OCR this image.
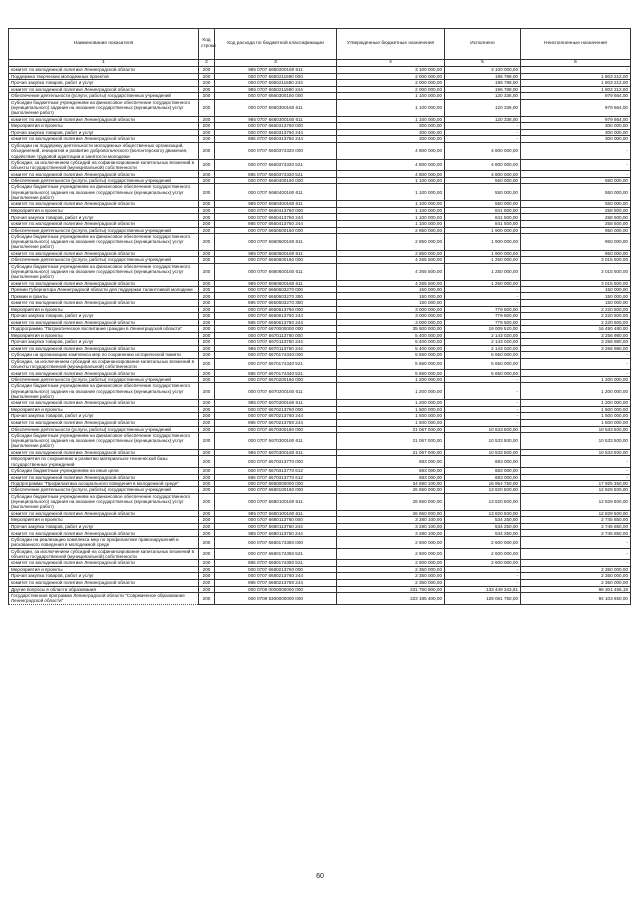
Наименование показателя	Код строки	Код расхода по бюджетной классификации	Утвержденные бюджетные назначения	Исполнено	Неисполненные назначения
1	2	3	4	5	6
комитет по молодежной политике Ленинградской области	200	985 0707 6650200160 611	3 100 000,00	3 100 000,00	-
Поддержка творческих молодежных проектов	200	000 0707 6650211690 000	2 000 000,00	196 788,00	1 803 212,00
Прочая закупка товаров, работ и услуг	200	000 0707 6650211690 244	2 000 000,00	196 788,00	1 803 212,00
комитет по молодежной политике Ленинградской области	200	985 0707 6650211690 244	2 000 000,00	196 788,00	1 803 212,00
Обеспечение деятельности (услуги, работы) государственных учреждений	200	000 0707 6660300160 000	1 100 000,00	120 336,00	979 664,00
Субсидии бюджетным учреждениям на финансовое обеспечение государственного (муниципального) задания на оказание государственных (муниципальных) услуг (выполнение работ)	200	000 0707 6660300160 611	1 100 000,00	120 336,00	979 664,00
комитет по молодежной политике Ленинградской области	200	985 0707 6660300160 611	1 100 000,00	120 336,00	979 664,00
Мероприятия и проекты	200	000 0707 6660313760 000	300 000,00	-	300 000,00
Прочая закупка товаров, работ и услуг	200	000 0707 6660313760 244	300 000,00	-	300 000,00
комитет по молодежной политике Ленинградской области	200	985 0707 6660313760 244	300 000,00	-	300 000,00
Субсидии на поддержку деятельности молодежных общественных организаций, объединений, инициатив и развитие добровольческого (волонтерского) движения, содействие трудовой адаптации и занятости молодежи	200	000 0707 6660374320 000	4 800 000,00	4 800 000,00	-
Субсидии, за исключением субсидий на софинансирование капитальных вложений в объекты государственной (муниципальной) собственности	200	000 0707 6660374320 521	4 800 000,00	4 800 000,00	-
комитет по молодежной политике Ленинградской области	200	985 0707 6660374320 521	4 800 000,00	4 800 000,00	-
Обеспечение деятельности (услуги, работы) государственных учреждений	200	000 0707 6660400160 000	1 100 000,00	550 000,00	550 000,00
Субсидии бюджетным учреждениям на финансовое обеспечение государственного (муниципального) задания на оказание государственных (муниципальных) услуг (выполнение работ)	200	000 0707 6660400160 611	1 100 000,00	550 000,00	550 000,00
комитет по молодежной политике Ленинградской области	200	985 0707 6660400160 611	1 100 000,00	550 000,00	550 000,00
Мероприятия и проекты	200	000 0707 6660413760 000	1 100 000,00	841 500,00	258 500,00
Прочая закупка товаров, работ и услуг	200	000 0707 6660413760 244	1 100 000,00	841 500,00	258 500,00
комитет по молодежной политике Ленинградской области	200	985 0707 6660413760 244	1 100 000,00	841 500,00	258 500,00
Обеспечение деятельности (услуги, работы) государственных учреждений	200	000 0707 6660500160 000	2 850 000,00	1 900 000,00	950 000,00
Субсидии бюджетным учреждениям на финансовое обеспечение государственного (муниципального) задания на оказание государственных (муниципальных) услуг (выполнение работ)	200	000 0707 6660500160 611	2 850 000,00	1 900 000,00	950 000,00
комитет по молодежной политике Ленинградской области	200	985 0707 6660500160 611	2 850 000,00	1 900 000,00	950 000,00
Обеспечение деятельности (услуги, работы) государственных учреждений	200	000 0707 6660600160 000	4 265 500,00	1 250 000,00	3 015 500,00
Субсидии бюджетным учреждениям на финансовое обеспечение государственного (муниципального) задания на оказание государственных (муниципальных) услуг (выполнение работ)	200	000 0707 6660600160 611	4 265 500,00	1 250 000,00	3 015 500,00
комитет по молодежной политике Ленинградской области	200	985 0707 6660600160 611	4 265 500,00	1 250 000,00	3 015 500,00
Премии Губернатора Ленинградской области для поддержки талантливой молодежи	200	000 0707 6660603270 000	150 000,00	-	150 000,00
Премии и гранты	200	000 0707 6660603270 350	150 000,00	-	150 000,00
комитет по молодежной политике Ленинградской области	200	985 0707 6660603270 350	150 000,00	-	150 000,00
Мероприятия и проекты	200	000 0707 6660613760 000	3 000 000,00	779 500,00	2 220 500,00
Прочая закупка товаров, работ и услуг	200	000 0707 6660613760 244	3 000 000,00	779 500,00	2 220 500,00
комитет по молодежной политике Ленинградской области	200	985 0707 6660613760 244	3 000 000,00	779 500,00	2 220 500,00
Подпрограмма "Патриотическое воспитание граждан в Ленинградской области"	200	000 0707 6670000000 000	35 500 000,00	19 009 520,00	16 490 480,00
Мероприятия и проекты	200	000 0707 6670113760 000	5 400 000,00	2 143 020,00	3 256 980,00
Прочая закупка товаров, работ и услуг	200	000 0707 6670113760 244	5 400 000,00	2 143 020,00	3 256 980,00
комитет по молодежной политике Ленинградской области	200	985 0707 6670113760 244	5 400 000,00	2 143 020,00	3 256 980,00
Субсидии на организацию комплекса мер по сохранению исторической памяти	200	000 0707 6670174340 000	5 650 000,00	5 650 000,00	-
Субсидии, за исключением субсидий на софинансирование капитальных вложений в объекты государственной (муниципальной) собственности	200	000 0707 6670174340 521	5 650 000,00	5 650 000,00	-
комитет по молодежной политике Ленинградской области	200	985 0707 6670174340 521	5 650 000,00	5 650 000,00	-
Обеспечение деятельности (услуги, работы) государственных учреждений	200	000 0707 6670200160 000	1 200 000,00	-	1 200 000,00
Субсидии бюджетным учреждениям на финансовое обеспечение государственного (муниципального) задания на оказание государственных (муниципальных) услуг (выполнение работ)	200	000 0707 6670200160 611	1 200 000,00	-	1 200 000,00
комитет по молодежной политике Ленинградской области	200	985 0707 6670200160 611	1 200 000,00	-	1 200 000,00
Мероприятия и проекты	200	000 0707 6670213760 000	1 500 000,00	-	1 500 000,00
Прочая закупка товаров, работ и услуг	200	000 0707 6670213760 244	1 500 000,00	-	1 500 000,00
комитет по молодежной политике Ленинградской области	200	985 0707 6670213760 244	1 500 000,00	-	1 500 000,00
Обеспечение деятельности (услуги, работы) государственных учреждений	200	000 0707 6670300160 000	21 067 000,00	10 533 500,00	10 533 500,00
Субсидии бюджетным учреждениям на финансовое обеспечение государственного (муниципального) задания на оказание государственных (муниципальных) услуг (выполнение работ)	200	000 0707 6670300160 611	21 067 000,00	10 533 500,00	10 533 500,00
комитет по молодежной политике Ленинградской области	200	985 0707 6670300160 611	21 067 000,00	10 533 500,00	10 533 500,00
Мероприятия по сохранению и развитию материально-технической базы государственных учреждений	200	000 0707 6670313770 000	683 000,00	683 000,00	-
Субсидии бюджетным учреждениям на иные цели	200	000 0707 6670313770 612	683 000,00	683 000,00	-
комитет по молодежной политике Ленинградской области	200	985 0707 6670313770 612	683 000,00	683 000,00	-
Подпрограмма "Профилактика асоциального поведения в молодежной среде"	200	000 0707 6680000000 000	34 880 100,00	16 954 750,00	17 925 350,00
Обеспечение деятельности (услуги, работы) государственных учреждений	200	000 0707 6680100160 000	26 650 000,00	13 820 500,00	12 829 500,00
Субсидии бюджетным учреждениям на финансовое обеспечение государственного (муниципального) задания на оказание государственных (муниципальных) услуг (выполнение работ)	200	000 0707 6680100160 611	26 650 000,00	13 820 500,00	12 829 500,00
комитет по молодежной политике Ленинградской области	200	985 0707 6680100160 611	26 650 000,00	13 820 500,00	12 829 500,00
Мероприятия и проекты	200	000 0707 6680113760 000	3 280 100,00	534 250,00	2 745 850,00
Прочая закупка товаров, работ и услуг	200	000 0707 6680113760 244	3 280 100,00	534 250,00	2 745 850,00
комитет по молодежной политике Ленинградской области	200	985 0707 6680113760 244	3 280 100,00	534 250,00	2 745 850,00
Субсидии на реализацию комплекса мер по профилактике правонарушений и рискованного поведения в молодежной среде	200	000 0707 6680174350 000	2 600 000,00	2 600 000,00	-
Субсидии, за исключением субсидий на софинансирование капитальных вложений в объекты государственной (муниципальной) собственности	200	000 0707 6680174350 521	2 600 000,00	2 600 000,00	-
комитет по молодежной политике Ленинградской области	200	985 0707 6680174350 521	2 600 000,00	2 600 000,00	-
Мероприятия и проекты	200	000 0707 6680213760 000	2 350 000,00	-	2 350 000,00
Прочая закупка товаров, работ и услуг	200	000 0707 6680213760 244	2 350 000,00	-	2 350 000,00
комитет по молодежной политике Ленинградской области	200	985 0707 6680213760 244	2 350 000,00	-	2 350 000,00
Другие вопросы в области образования	200	000 0709 0000000000 000	231 750 800,00	133 449 343,81	98 301 456,19
Государственная программа Ленинградской области "Современное образование Ленинградской области"	200	000 0709 6300000000 000	223 185 400,00	129 081 750,00	94 103 650,00
60
